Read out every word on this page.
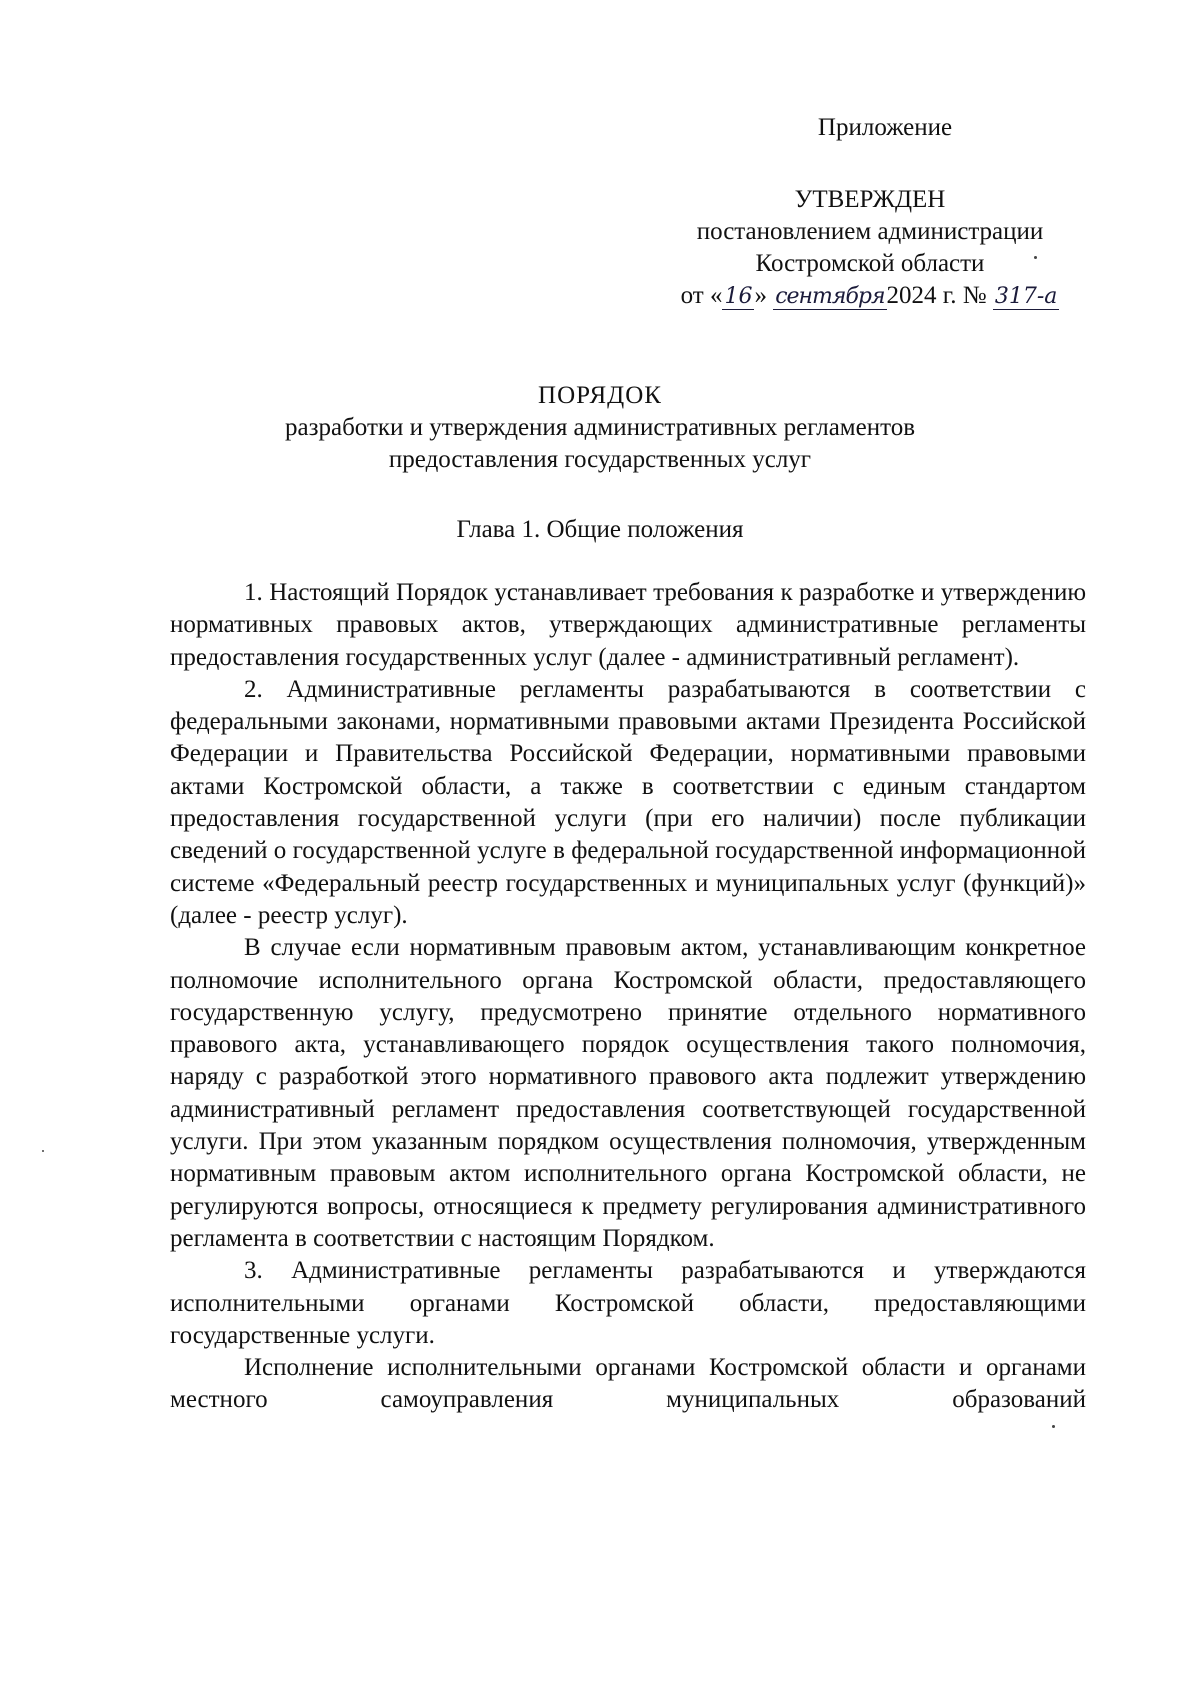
Приложение
УТВЕРЖДЕН
постановлением администрации
Костромской области
от «16» сентября2024 г. № 317-а
ПОРЯДОК
разработки и утверждения административных регламентов
предоставления государственных услуг
Глава 1. Общие положения

1. Настоящий Порядок устанавливает требования к разработке и утверждению нормативных правовых актов, утверждающих административные регламенты предоставления государственных услуг (далее - административный регламент).

2. Административные регламенты разрабатываются в соответствии с федеральными законами, нормативными правовыми актами Президента Российской Федерации и Правительства Российской Федерации, нормативными правовыми актами Костромской области, а также в соответствии с единым стандартом предоставления государственной услуги (при его наличии) после публикации сведений о государственной услуге в федеральной государственной информационной системе «Федеральный реестр государственных и муниципальных услуг (функций)» (далее - реестр услуг).

В случае если нормативным правовым актом, устанавливающим конкретное полномочие исполнительного органа Костромской области, предоставляющего государственную услугу, предусмотрено принятие отдельного нормативного правового акта, устанавливающего порядок осуществления такого полномочия, наряду с разработкой этого нормативного правового акта подлежит утверждению административный регламент предоставления соответствующей государственной услуги. При этом указанным порядком осуществления полномочия, утвержденным нормативным правовым актом исполнительного органа Костромской области, не регулируются вопросы, относящиеся к предмету регулирования административного регламента в соответствии с настоящим Порядком.

3. Административные регламенты разрабатываются и утверждаются исполнительными органами Костромской области, предоставляющими государственные услуги.

Исполнение исполнительными органами Костромской области и органами местного самоуправления муниципальных образований
